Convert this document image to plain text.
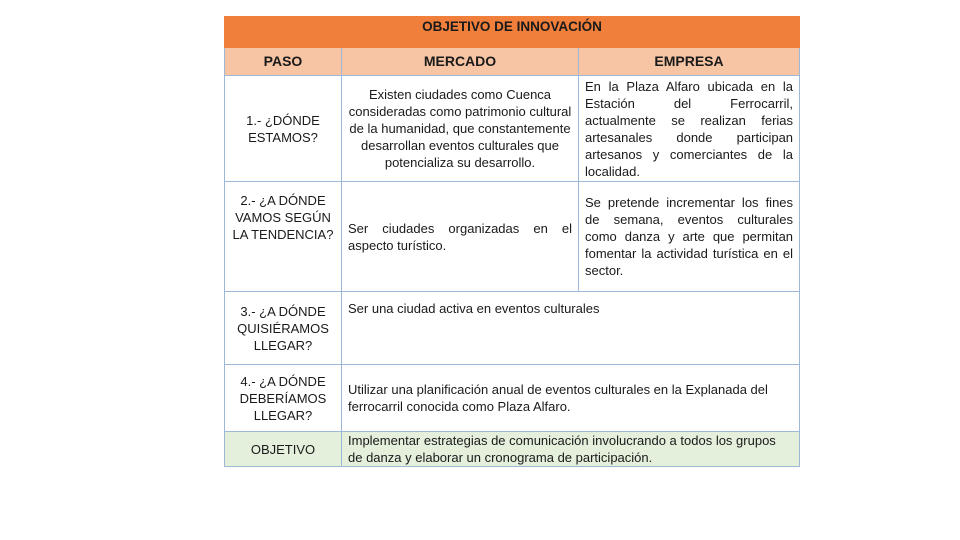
OBJETIVO DE INNOVACIÓN		
PASO	MERCADO	EMPRESA
1.- ¿DÓNDE ESTAMOS?	Existen ciudades como Cuenca consideradas como patrimonio cultural de la humanidad, que constantemente desarrollan eventos culturales que potencializa su desarrollo.	En la Plaza Alfaro ubicada en la Estación del Ferrocarril, actualmente se realizan ferias artesanales donde participan artesanos y comerciantes de la localidad.
2.- ¿A DÓNDE VAMOS SEGÚN LA TENDENCIA?	Ser ciudades organizadas en el aspecto turístico.	Se pretende incrementar los fines de semana, eventos culturales como danza y arte que permitan fomentar la actividad turística en el sector.
3.- ¿A DÓNDE QUISIÉRAMOS LLEGAR?	Ser una ciudad activa en eventos culturales	
4.- ¿A DÓNDE DEBERÍAMOS LLEGAR?	Utilizar una planificación anual de eventos culturales en la Explanada del ferrocarril conocida como Plaza Alfaro.	
OBJETIVO	Implementar estrategias de comunicación involucrando a todos los grupos de danza y elaborar un cronograma de participación.	
